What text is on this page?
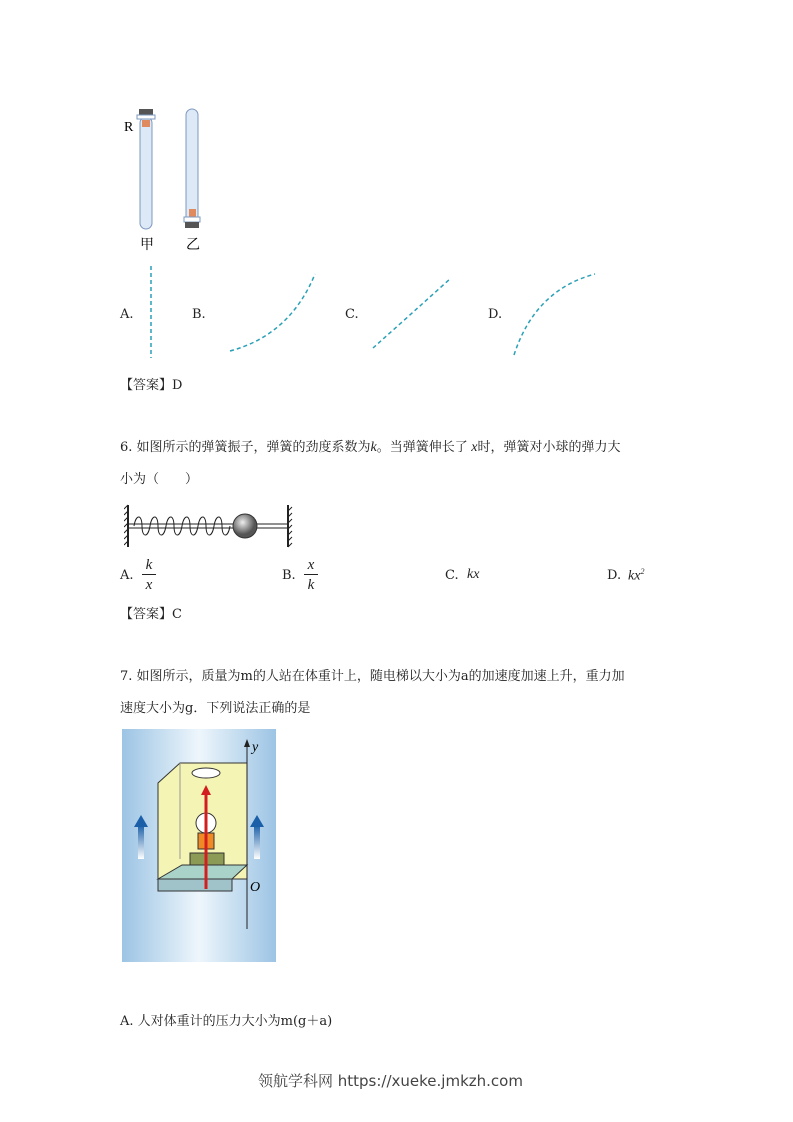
R
甲 乙
A.	B.	C.	D.
【答案】D
6. 如图所示的弹簧振子，弹簧的劲度系数为k。当弹簧伸长了 x时，弹簧对小球的弹力大
小为（　　）
A. $\frac{k}{x}$	B. $\frac{x}{k}$	C. kx	D. $kx^2$
【答案】C
7. 如图所示，质量为m的人站在体重计上，随电梯以大小为a的加速度加速上升，重力加
速度大小为g．下列说法正确的是
y
O
A. 人对体重计的压力大小为m(g＋a)
领航学科网 https://xueke.jmkzh.com
